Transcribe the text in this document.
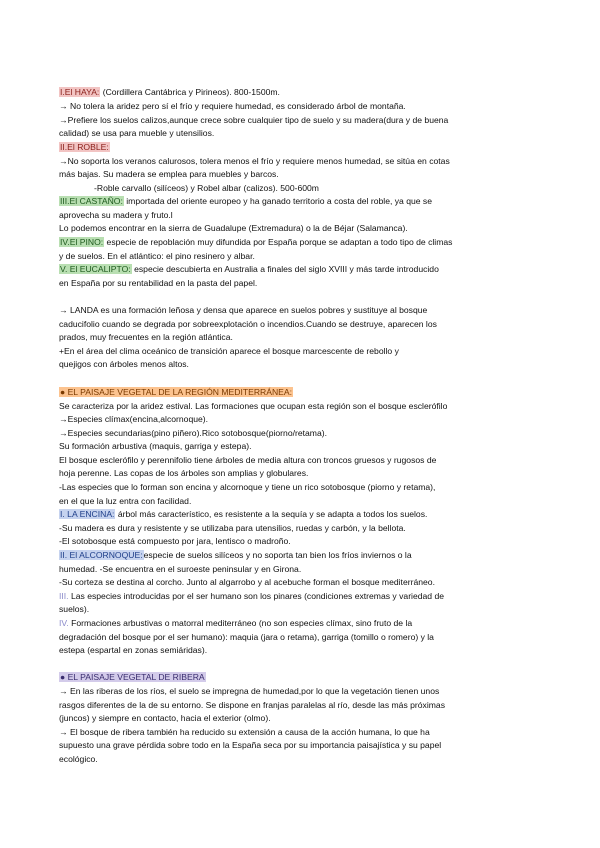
I.El HAYA: (Cordillera Cantábrica y Pirineos). 800-1500m.
→ No tolera la aridez pero sí el frío y requiere humedad, es considerado árbol de montaña.
→Prefiere los suelos calizos,aunque crece sobre cualquier tipo de suelo y su madera(dura y de buena
calidad) se usa para mueble y utensilios.
II.El ROBLE:
→No soporta los veranos calurosos, tolera menos el frío y requiere menos humedad, se sitúa en cotas
más bajas. Su madera se emplea para muebles y barcos.
-Roble carvallo (silíceos) y Robel albar (calizos). 500-600m
III.El CASTAÑO: importada del oriente europeo y ha ganado territorio a costa del roble, ya que se
aprovecha su madera y fruto.l
Lo podemos encontrar en la sierra de Guadalupe (Extremadura) o la de Béjar (Salamanca).
IV.El PINO: especie de repoblación muy difundida por España porque se adaptan a todo tipo de climas
y de suelos. En el atlántico: el pino resinero y albar.
V. El EUCALIPTO: especie descubierta en Australia a finales del siglo XVIII y más tarde introducido
en España por su rentabilidad en la pasta del papel.
→ LANDA es una formación leñosa y densa que aparece en suelos pobres y sustituye al bosque
caducifolio cuando se degrada por sobreexplotación o incendios.Cuando se destruye, aparecen los
prados, muy frecuentes en la región atlántica.
+En el área del clima oceánico de transición aparece el bosque marcescente de rebollo y
quejigos con árboles menos altos.
● EL PAISAJE VEGETAL DE LA REGIÓN MEDITERRÁNEA:
Se caracteriza por la aridez estival. Las formaciones que ocupan esta región son el bosque esclerófilo
→Especies clímax(encina,alcornoque).
→Especies secundarias(pino piñero).Rico sotobosque(piorno/retama).
Su formación arbustiva (maquis, garriga y estepa).
El bosque esclerófilo y perennifolio tiene árboles de media altura con troncos gruesos y rugosos de
hoja perenne. Las copas de los árboles son amplias y globulares.
-Las especies que lo forman son encina y alcornoque y tiene un rico sotobosque (piorno y retama),
en el que la luz entra con facilidad.
I. LA ENCINA: árbol más característico, es resistente a la sequía y se adapta a todos los suelos.
-Su madera es dura y resistente y se utilizaba para utensilios, ruedas y carbón, y la bellota.
-El sotobosque está compuesto por jara, lentisco o madroño.
II. El ALCORNOQUE:especie de suelos silíceos y no soporta tan bien los fríos inviernos o la
humedad. -Se encuentra en el suroeste peninsular y en Girona.
-Su corteza se destina al corcho. Junto al algarrobo y al acebuche forman el bosque mediterráneo.
III. Las especies introducidas por el ser humano son los pinares (condiciones extremas y variedad de
suelos).
IV. Formaciones arbustivas o matorral mediterráneo (no son especies clímax, sino fruto de la
degradación del bosque por el ser humano): maquia (jara o retama), garriga (tomillo o romero) y la
estepa (espartal en zonas semiáridas).
● EL PAISAJE VEGETAL DE RIBERA
→ En las riberas de los ríos, el suelo se impregna de humedad,por lo que la vegetación tienen unos
rasgos diferentes de la de su entorno. Se dispone en franjas paralelas al río, desde las más próximas
(juncos) y siempre en contacto, hacia el exterior (olmo).
→ El bosque de ribera también ha reducido su extensión a causa de la acción humana, lo que ha
supuesto una grave pérdida sobre todo en la España seca por su importancia paisajística y su papel
ecológico.
